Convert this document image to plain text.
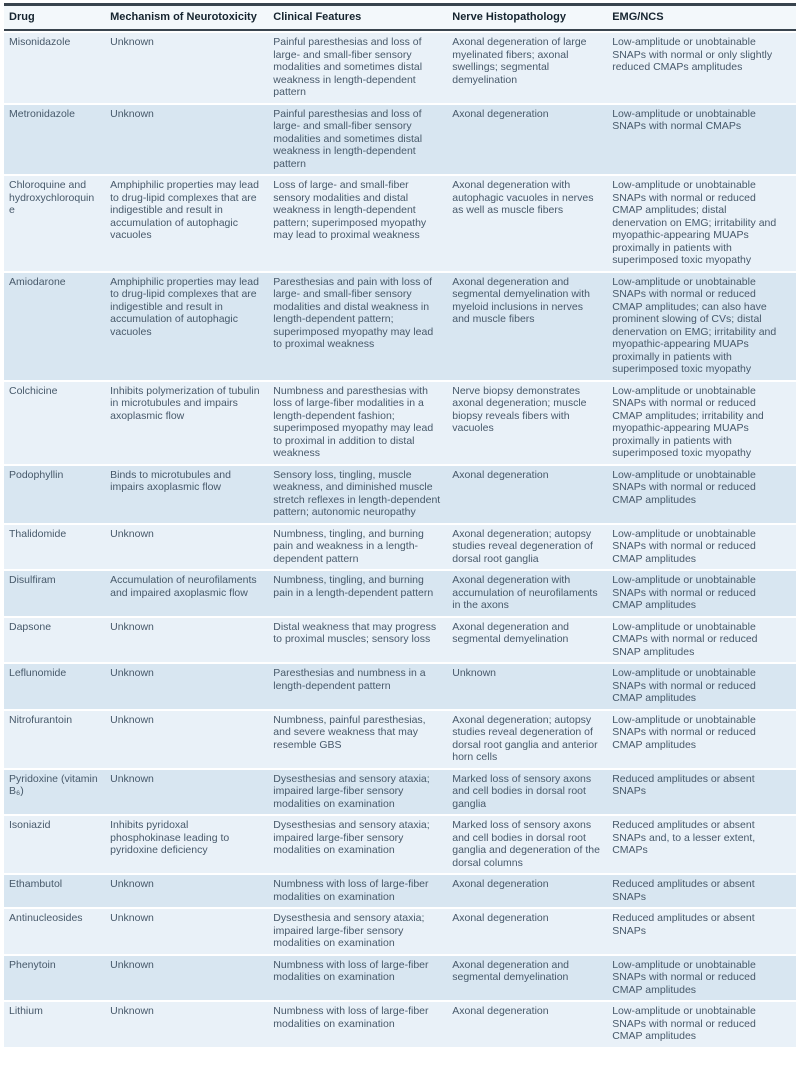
Drug	Mechanism of Neurotoxicity	Clinical Features	Nerve Histopathology	EMG/NCS
Misonidazole	Unknown	Painful paresthesias and loss of large- and small-fiber sensory modalities and sometimes distal weakness in length-dependent pattern	Axonal degeneration of large myelinated fibers; axonal swellings; segmental demyelination	Low-amplitude or unobtainable SNAPs with normal or only slightly reduced CMAPs amplitudes
Metronidazole	Unknown	Painful paresthesias and loss of large- and small-fiber sensory modalities and sometimes distal weakness in length-dependent pattern	Axonal degeneration	Low-amplitude or unobtainable SNAPs with normal CMAPs
Chloroquine and hydroxychloroquine	Amphiphilic properties may lead to drug-lipid complexes that are indigestible and result in accumulation of autophagic vacuoles	Loss of large- and small-fiber sensory modalities and distal weakness in length-dependent pattern; superimposed myopathy may lead to proximal weakness	Axonal degeneration with autophagic vacuoles in nerves as well as muscle fibers	Low-amplitude or unobtainable SNAPs with normal or reduced CMAP amplitudes; distal denervation on EMG; irritability and myopathic-appearing MUAPs proximally in patients with superimposed toxic myopathy
Amiodarone	Amphiphilic properties may lead to drug-lipid complexes that are indigestible and result in accumulation of autophagic vacuoles	Paresthesias and pain with loss of large- and small-fiber sensory modalities and distal weakness in length-dependent pattern; superimposed myopathy may lead to proximal weakness	Axonal degeneration and segmental demyelination with myeloid inclusions in nerves and muscle fibers	Low-amplitude or unobtainable SNAPs with normal or reduced CMAP amplitudes; can also have prominent slowing of CVs; distal denervation on EMG; irritability and myopathic-appearing MUAPs proximally in patients with superimposed toxic myopathy
Colchicine	Inhibits polymerization of tubulin in microtubules and impairs axoplasmic flow	Numbness and paresthesias with loss of large-fiber modalities in a length-dependent fashion; superimposed myopathy may lead to proximal in addition to distal weakness	Nerve biopsy demonstrates axonal degeneration; muscle biopsy reveals fibers with vacuoles	Low-amplitude or unobtainable SNAPs with normal or reduced CMAP amplitudes; irritability and myopathic-appearing MUAPs proximally in patients with superimposed toxic myopathy
Podophyllin	Binds to microtubules and impairs axoplasmic flow	Sensory loss, tingling, muscle weakness, and diminished muscle stretch reflexes in length-dependent pattern; autonomic neuropathy	Axonal degeneration	Low-amplitude or unobtainable SNAPs with normal or reduced CMAP amplitudes
Thalidomide	Unknown	Numbness, tingling, and burning pain and weakness in a length-dependent pattern	Axonal degeneration; autopsy studies reveal degeneration of dorsal root ganglia	Low-amplitude or unobtainable SNAPs with normal or reduced CMAP amplitudes
Disulfiram	Accumulation of neurofilaments and impaired axoplasmic flow	Numbness, tingling, and burning pain in a length-dependent pattern	Axonal degeneration with accumulation of neurofilaments in the axons	Low-amplitude or unobtainable SNAPs with normal or reduced CMAP amplitudes
Dapsone	Unknown	Distal weakness that may progress to proximal muscles; sensory loss	Axonal degeneration and segmental demyelination	Low-amplitude or unobtainable CMAPs with normal or reduced SNAP amplitudes
Leflunomide	Unknown	Paresthesias and numbness in a length-dependent pattern	Unknown	Low-amplitude or unobtainable SNAPs with normal or reduced CMAP amplitudes
Nitrofurantoin	Unknown	Numbness, painful paresthesias, and severe weakness that may resemble GBS	Axonal degeneration; autopsy studies reveal degeneration of dorsal root ganglia and anterior horn cells	Low-amplitude or unobtainable SNAPs with normal or reduced CMAP amplitudes
Pyridoxine (vitamin B₆)	Unknown	Dysesthesias and sensory ataxia; impaired large-fiber sensory modalities on examination	Marked loss of sensory axons and cell bodies in dorsal root ganglia	Reduced amplitudes or absent SNAPs
Isoniazid	Inhibits pyridoxal phosphokinase leading to pyridoxine deficiency	Dysesthesias and sensory ataxia; impaired large-fiber sensory modalities on examination	Marked loss of sensory axons and cell bodies in dorsal root ganglia and degeneration of the dorsal columns	Reduced amplitudes or absent SNAPs and, to a lesser extent, CMAPs
Ethambutol	Unknown	Numbness with loss of large-fiber modalities on examination	Axonal degeneration	Reduced amplitudes or absent SNAPs
Antinucleosides	Unknown	Dysesthesia and sensory ataxia; impaired large-fiber sensory modalities on examination	Axonal degeneration	Reduced amplitudes or absent SNAPs
Phenytoin	Unknown	Numbness with loss of large-fiber modalities on examination	Axonal degeneration and segmental demyelination	Low-amplitude or unobtainable SNAPs with normal or reduced CMAP amplitudes
Lithium	Unknown	Numbness with loss of large-fiber modalities on examination	Axonal degeneration	Low-amplitude or unobtainable SNAPs with normal or reduced CMAP amplitudes
